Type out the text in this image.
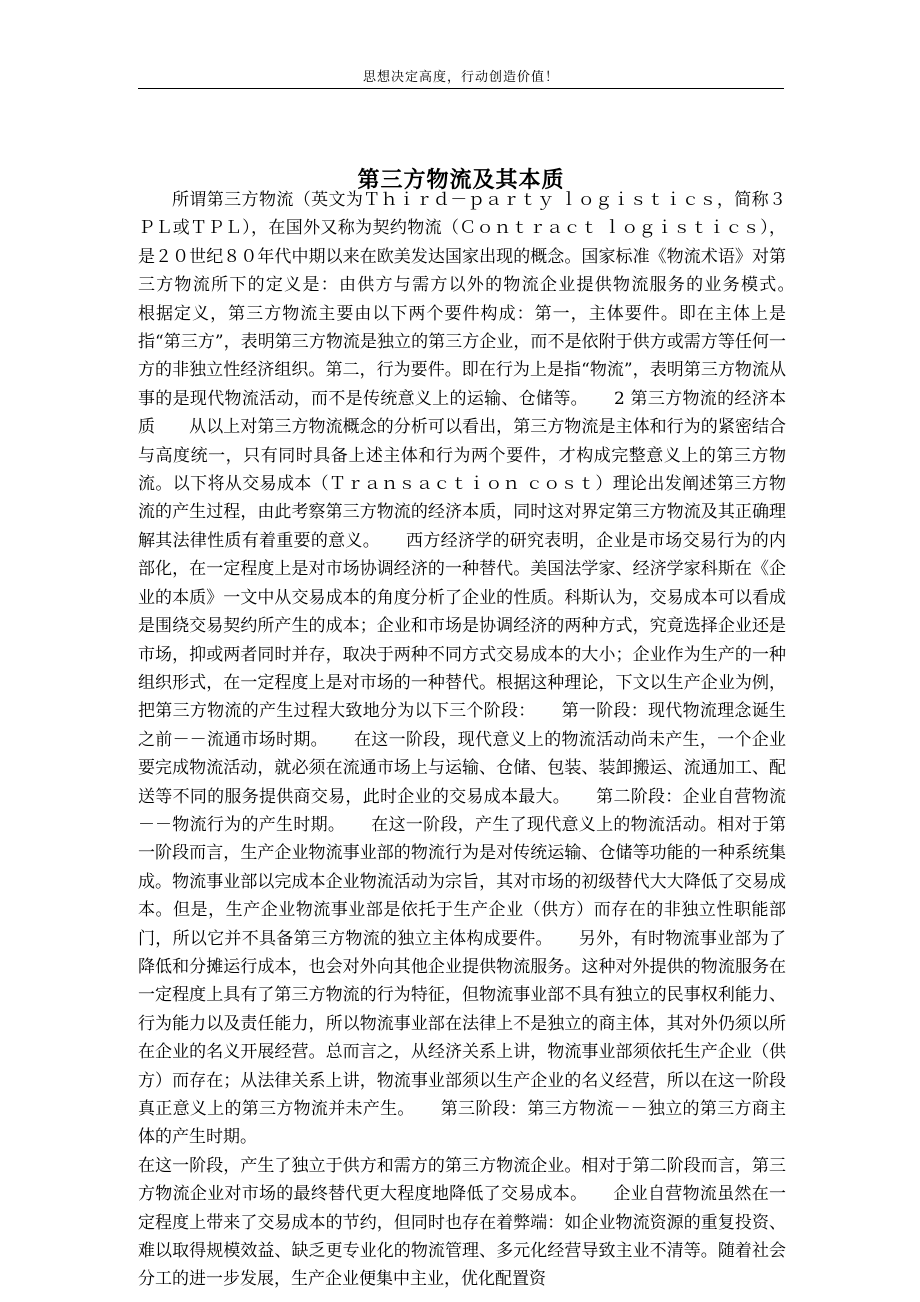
思想决定高度，行动创造价值！
第三方物流及其本质

所谓第三方物流（英文为Ｔｈｉｒｄ－ｐａｒｔｙ ｌｏｇｉｓｔｉｃｓ，简称３ＰＬ或ＴＰＬ），在国外又称为契约物流（Ｃｏｎｔｒａｃｔ ｌｏｇｉｓｔｉｃｓ），是２０世纪８０年代中期以来在欧美发达国家出现的概念。国家标准《物流术语》对第三方物流所下的定义是：由供方与需方以外的物流企业提供物流服务的业务模式。　　根据定义，第三方物流主要由以下两个要件构成：第一，主体要件。即在主体上是指“第三方”，表明第三方物流是独立的第三方企业，而不是依附于供方或需方等任何一方的非独立性经济组织。第二，行为要件。即在行为上是指“物流”，表明第三方物流从事的是现代物流活动，而不是传统意义上的运输、仓储等。　　2 第三方物流的经济本质　　从以上对第三方物流概念的分析可以看出，第三方物流是主体和行为的紧密结合与高度统一，只有同时具备上述主体和行为两个要件，才构成完整意义上的第三方物流。以下将从交易成本（Ｔｒａｎｓａｃｔｉｏｎ ｃｏｓｔ）理论出发阐述第三方物流的产生过程，由此考察第三方物流的经济本质，同时这对界定第三方物流及其正确理解其法律性质有着重要的意义。　　西方经济学的研究表明，企业是市场交易行为的内部化，在一定程度上是对市场协调经济的一种替代。美国法学家、经济学家科斯在《企业的本质》一文中从交易成本的角度分析了企业的性质。科斯认为，交易成本可以看成是围绕交易契约所产生的成本；企业和市场是协调经济的两种方式，究竟选择企业还是市场，抑或两者同时并存，取决于两种不同方式交易成本的大小；企业作为生产的一种组织形式，在一定程度上是对市场的一种替代。根据这种理论，下文以生产企业为例，把第三方物流的产生过程大致地分为以下三个阶段：　　第一阶段：现代物流理念诞生之前－－流通市场时期。　　在这一阶段，现代意义上的物流活动尚未产生，一个企业要完成物流活动，就必须在流通市场上与运输、仓储、包装、装卸搬运、流通加工、配送等不同的服务提供商交易，此时企业的交易成本最大。　　第二阶段：企业自营物流－－物流行为的产生时期。　　在这一阶段，产生了现代意义上的物流活动。相对于第一阶段而言，生产企业物流事业部的物流行为是对传统运输、仓储等功能的一种系统集成。物流事业部以完成本企业物流活动为宗旨，其对市场的初级替代大大降低了交易成本。但是，生产企业物流事业部是依托于生产企业（供方）而存在的非独立性职能部门，所以它并不具备第三方物流的独立主体构成要件。　　另外，有时物流事业部为了降低和分摊运行成本，也会对外向其他企业提供物流服务。这种对外提供的物流服务在一定程度上具有了第三方物流的行为特征，但物流事业部不具有独立的民事权利能力、行为能力以及责任能力，所以物流事业部在法律上不是独立的商主体，其对外仍须以所在企业的名义开展经营。总而言之，从经济关系上讲，物流事业部须依托生产企业（供方）而存在；从法律关系上讲，物流事业部须以生产企业的名义经营，所以在这一阶段真正意义上的第三方物流并未产生。　　第三阶段：第三方物流－－独立的第三方商主体的产生时期。

在这一阶段，产生了独立于供方和需方的第三方物流企业。相对于第二阶段而言，第三方物流企业对市场的最终替代更大程度地降低了交易成本。　　企业自营物流虽然在一定程度上带来了交易成本的节约，但同时也存在着弊端：如企业物流资源的重复投资、难以取得规模效益、缺乏更专业化的物流管理、多元化经营导致主业不清等。随着社会分工的进一步发展，生产企业便集中主业，优化配置资
